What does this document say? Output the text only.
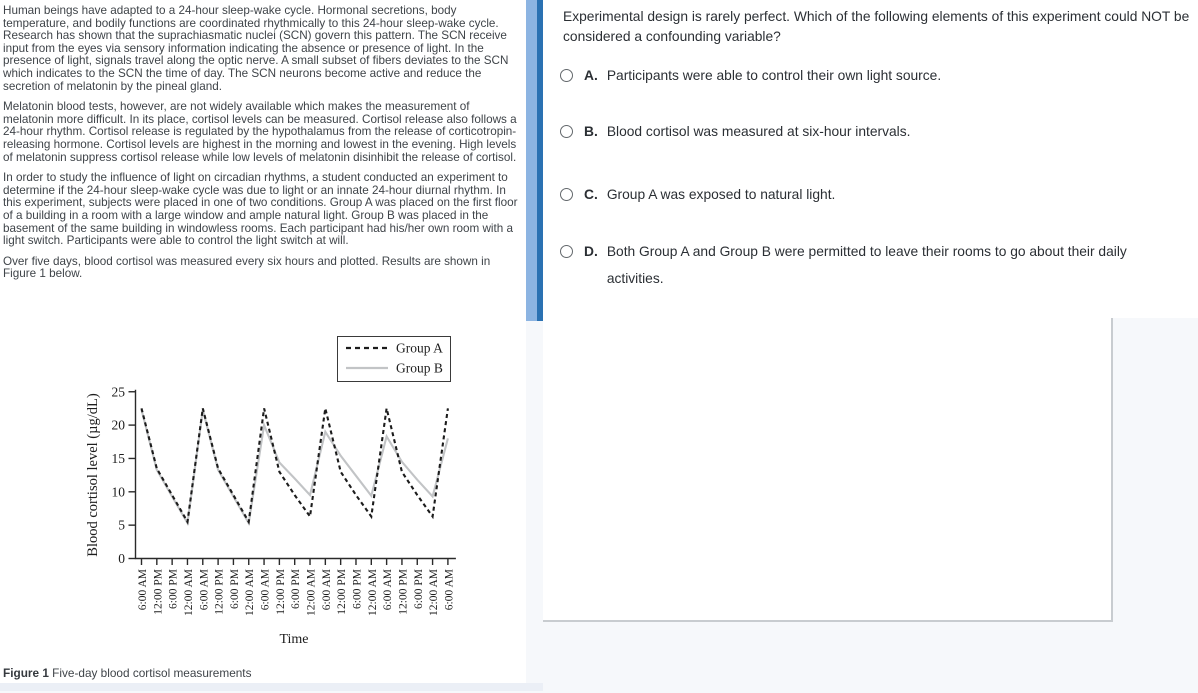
Human beings have adapted to a 24-hour sleep-wake cycle. Hormonal secretions, body temperature, and bodily functions are coordinated rhythmically to this 24-hour sleep-wake cycle. Research has shown that the suprachiasmatic nuclei (SCN) govern this pattern. The SCN receive input from the eyes via sensory information indicating the absence or presence of light. In the presence of light, signals travel along the optic nerve. A small subset of fibers deviates to the SCN which indicates to the SCN the time of day. The SCN neurons become active and reduce the secretion of melatonin by the pineal gland.
Melatonin blood tests, however, are not widely available which makes the measurement of melatonin more difficult. In its place, cortisol levels can be measured. Cortisol release also follows a 24-hour rhythm. Cortisol release is regulated by the hypothalamus from the release of corticotropin-releasing hormone. Cortisol levels are highest in the morning and lowest in the evening. High levels of melatonin suppress cortisol release while low levels of melatonin disinhibit the release of cortisol.
In order to study the influence of light on circadian rhythms, a student conducted an experiment to determine if the 24-hour sleep-wake cycle was due to light or an innate 24-hour diurnal rhythm. In this experiment, subjects were placed in one of two conditions. Group A was placed on the first floor of a building in a room with a large window and ample natural light. Group B was placed in the basement of the same building in windowless rooms. Each participant had his/her own room with a light switch. Participants were able to control the light switch at will.
Over five days, blood cortisol was measured every six hours and plotted. Results are shown in Figure 1 below.
0
5
10
15
20
25
6:00 AM 12:00 PM 6:00 PM 12:00 AM 6:00 AM 12:00 PM 6:00 PM 12:00 AM 6:00 AM 12:00 PM 6:00 PM 12:00 AM 6:00 AM 12:00 PM 6:00 PM 12:00 AM 6:00 AM 12:00 PM 6:00 PM 12:00 AM 6:00 AM
Blood cortisol level (µg/dL)
Time
Group A
Group B
Figure 1 Five-day blood cortisol measurements
Experimental design is rarely perfect. Which of the following elements of this experiment could NOT be considered a confounding variable?
A. Participants were able to control their own light source.
B. Blood cortisol was measured at six-hour intervals.
C. Group A was exposed to natural light.
D. Both Group A and Group B were permitted to leave their rooms to go about their daily activities.
